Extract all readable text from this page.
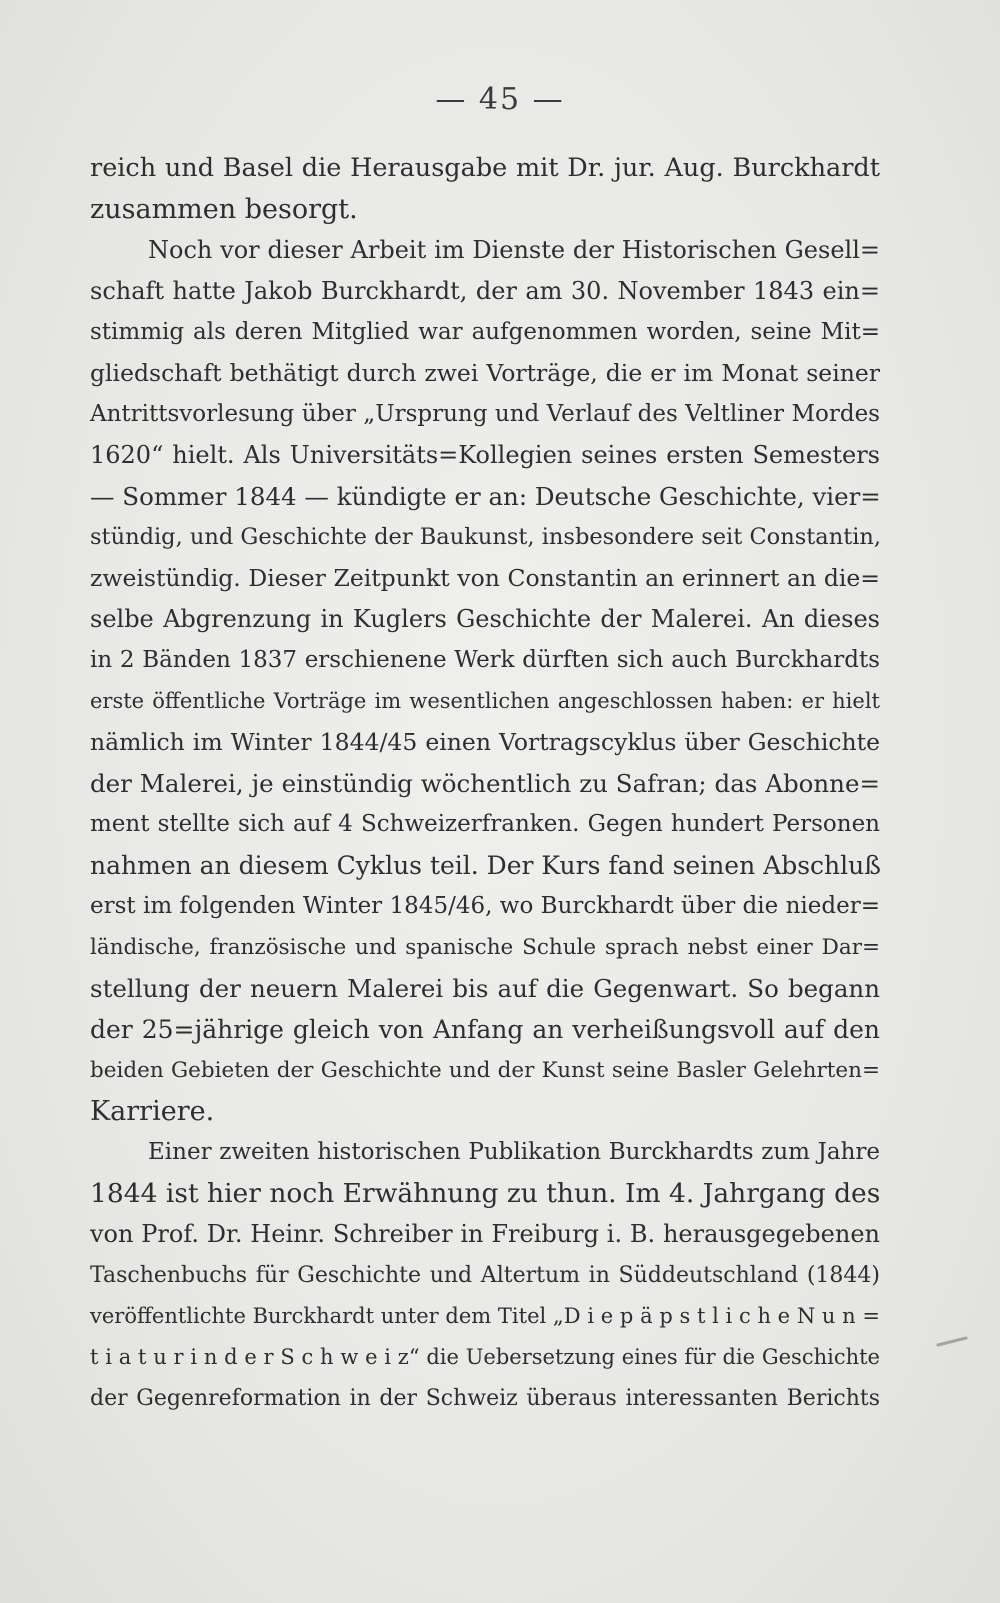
— 45 —
reich und Basel die Herausgabe mit Dr. jur. Aug. Burckhardt
zusammen besorgt.
Noch vor dieser Arbeit im Dienste der Historischen Gesell=
schaft hatte Jakob Burckhardt, der am 30. November 1843 ein=
stimmig als deren Mitglied war aufgenommen worden, seine Mit=
gliedschaft bethätigt durch zwei Vorträge, die er im Monat seiner
Antrittsvorlesung über „Ursprung und Verlauf des Veltliner Mordes
1620“ hielt. Als Universitäts=Kollegien seines ersten Semesters
— Sommer 1844 — kündigte er an: Deutsche Geschichte, vier=
stündig, und Geschichte der Baukunst, insbesondere seit Constantin,
zweistündig. Dieser Zeitpunkt von Constantin an erinnert an die=
selbe Abgrenzung in Kuglers Geschichte der Malerei. An dieses
in 2 Bänden 1837 erschienene Werk dürften sich auch Burckhardts
erste öffentliche Vorträge im wesentlichen angeschlossen haben: er hielt
nämlich im Winter 1844/45 einen Vortragscyklus über Geschichte
der Malerei, je einstündig wöchentlich zu Safran; das Abonne=
ment stellte sich auf 4 Schweizerfranken. Gegen hundert Personen
nahmen an diesem Cyklus teil. Der Kurs fand seinen Abschluß
erst im folgenden Winter 1845/46, wo Burckhardt über die nieder=
ländische, französische und spanische Schule sprach nebst einer Dar=
stellung der neuern Malerei bis auf die Gegenwart. So begann
der 25=jährige gleich von Anfang an verheißungsvoll auf den
beiden Gebieten der Geschichte und der Kunst seine Basler Gelehrten=
Karriere.
Einer zweiten historischen Publikation Burckhardts zum Jahre
1844 ist hier noch Erwähnung zu thun. Im 4. Jahrgang des
von Prof. Dr. Heinr. Schreiber in Freiburg i. B. herausgegebenen
Taschenbuchs für Geschichte und Altertum in Süddeutschland (1844)
veröffentlichte Burckhardt unter dem Titel „D i e p ä p s t l i c h e N u n =
t i a t u r i n d e r S c h w e i z“ die Uebersetzung eines für die Geschichte
der Gegenreformation in der Schweiz überaus interessanten Berichts
